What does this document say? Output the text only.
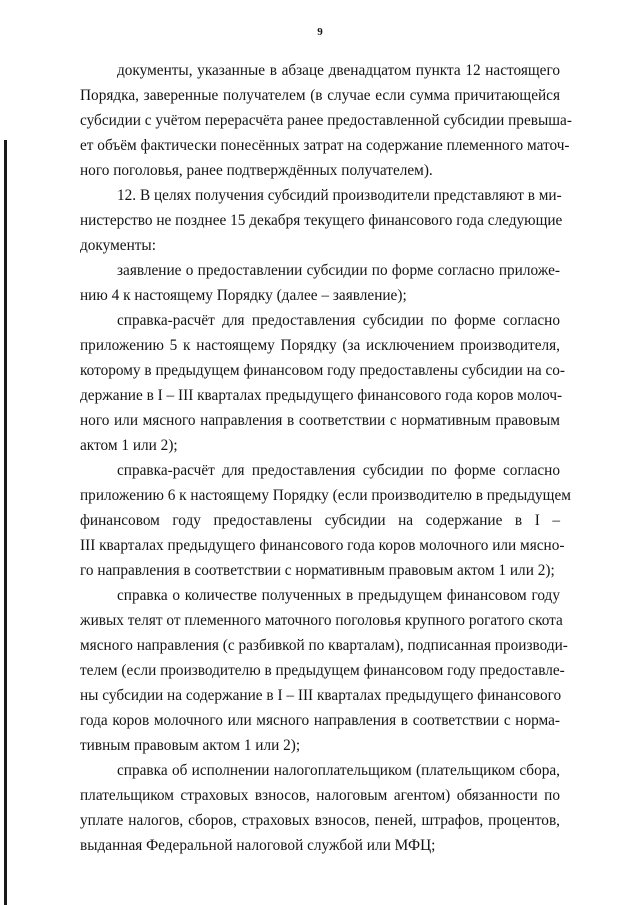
9
документы, указанные в абзаце двенадцатом пункта 12 настоящего
Порядка, заверенные получателем (в случае если сумма причитающейся
субсидии с учётом перерасчёта ранее предоставленной субсидии превыша-
ет объём фактически понесённых затрат на содержание племенного маточ-
ного поголовья, ранее подтверждённых получателем).
12. В целях получения субсидий производители представляют в ми-
нистерство не позднее 15 декабря текущего финансового года следующие
документы:
заявление о предоставлении субсидии по форме согласно приложе-
нию 4 к настоящему Порядку (далее – заявление);
справка-расчёт для предоставления субсидии по форме согласно
приложению 5 к настоящему Порядку (за исключением производителя,
которому в предыдущем финансовом году предоставлены субсидии на со-
держание в I – III кварталах предыдущего финансового года коров молоч-
ного или мясного направления в соответствии с нормативным правовым
актом 1 или 2);
справка-расчёт для предоставления субсидии по форме согласно
приложению 6 к настоящему Порядку (если производителю в предыдущем
финансовом году предоставлены субсидии на содержание в I –
III кварталах предыдущего финансового года коров молочного или мясно-
го направления в соответствии с нормативным правовым актом 1 или 2);
справка о количестве полученных в предыдущем финансовом году
живых телят от племенного маточного поголовья крупного рогатого скота
мясного направления (с разбивкой по кварталам), подписанная производи-
телем (если производителю в предыдущем финансовом году предоставле-
ны субсидии на содержание в I – III кварталах предыдущего финансового
года коров молочного или мясного направления в соответствии с норма-
тивным правовым актом 1 или 2);
справка об исполнении налогоплательщиком (плательщиком сбора,
плательщиком страховых взносов, налоговым агентом) обязанности по
уплате налогов, сборов, страховых взносов, пеней, штрафов, процентов,
выданная Федеральной налоговой службой или МФЦ;
